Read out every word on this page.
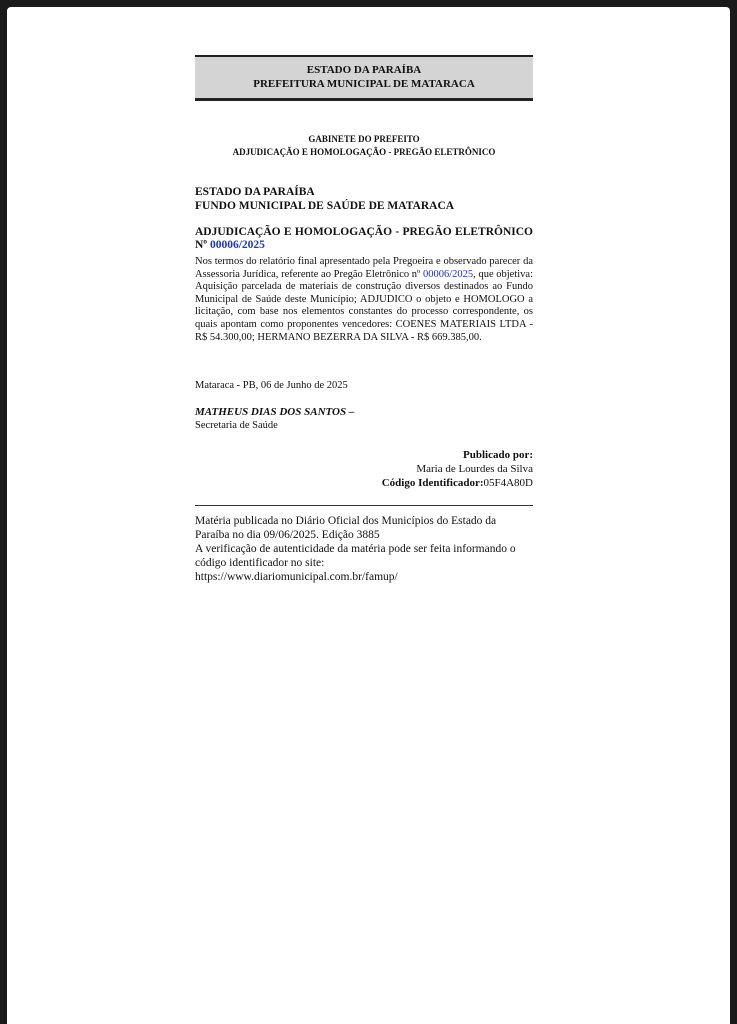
ESTADO DA PARAÍBA
PREFEITURA MUNICIPAL DE MATARACA
GABINETE DO PREFEITO
ADJUDICAÇÃO E HOMOLOGAÇÃO - PREGÃO ELETRÔNICO
ESTADO DA PARAÍBA
FUNDO MUNICIPAL DE SAÚDE DE MATARACA
ADJUDICAÇÃO E HOMOLOGAÇÃO - PREGÃO ELETRÔNICO Nº 00006/2025
Nos termos do relatório final apresentado pela Pregoeira e observado parecer da Assessoria Jurídica, referente ao Pregão Eletrônico nº 00006/2025, que objetiva: Aquisição parcelada de materiais de construção diversos destinados ao Fundo Municipal de Saúde deste Município; ADJUDICO o objeto e HOMOLOGO a licitação, com base nos elementos constantes do processo correspondente, os quais apontam como proponentes vencedores: COENES MATERIAIS LTDA - R$ 54.300,00; HERMANO BEZERRA DA SILVA - R$ 669.385,00.
Mataraca - PB, 06 de Junho de 2025
MATHEUS DIAS DOS SANTOS –
Secretaria de Saúde
Publicado por:
Maria de Lourdes da Silva
Código Identificador:05F4A80D

Matéria publicada no Diário Oficial dos Municípios do Estado da Paraíba no dia 09/06/2025. Edição 3885

A verificação de autenticidade da matéria pode ser feita informando o código identificador no site:

https://www.diariomunicipal.com.br/famup/
